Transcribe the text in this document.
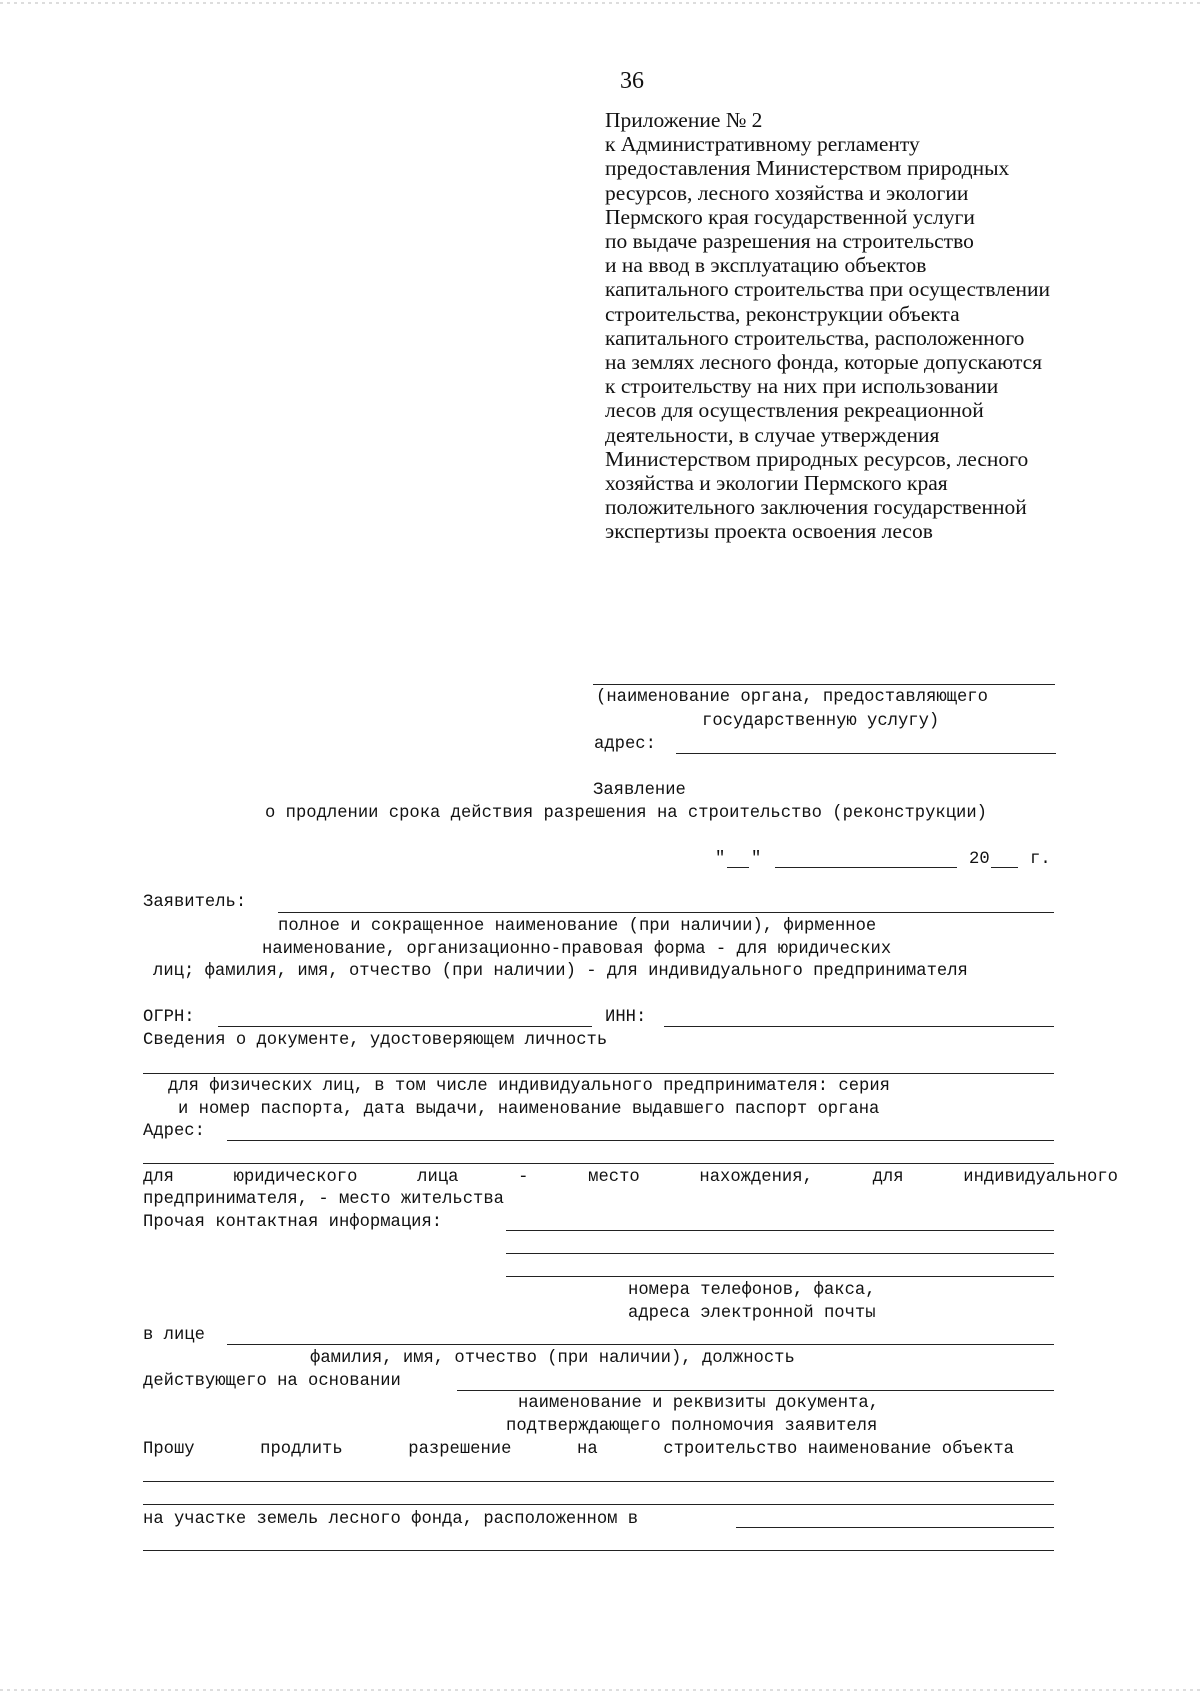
36
Приложение № 2
к Административному регламенту
предоставления Министерством природных
ресурсов, лесного хозяйства и экологии
Пермского края государственной услуги
по выдаче разрешения на строительство
и на ввод в эксплуатацию объектов
капитального строительства при осуществлении
строительства, реконструкции объекта
капитального строительства, расположенного
на землях лесного фонда, которые допускаются
к строительству на них при использовании
лесов для осуществления рекреационной
деятельности, в случае утверждения
Министерством природных ресурсов, лесного
хозяйства и экологии Пермского края
положительного заключения государственной
экспертизы проекта освоения лесов
(наименование органа, предоставляющего
государственную услугу)
адрес:
Заявление
о продлении срока действия разрешения на строительство (реконструкции)
" "	20 г.
Заявитель:
полное и сокращенное наименование (при наличии), фирменное
наименование, организационно-правовая форма - для юридических
лиц; фамилия, имя, отчество (при наличии) - для индивидуального предпринимателя
ОГРН:	ИНН:
Сведения о документе, удостоверяющем личность
для физических лиц, в том числе индивидуального предпринимателя: серия
и номер паспорта, дата выдачи, наименование выдавшего паспорт органа
Адрес:
для	юридического	лица	-	место	нахождения,	для	индивидуального
предпринимателя, - место жительства
Прочая контактная информация:
номера телефонов, факса,
адреса электронной почты
в лице
фамилия, имя, отчество (при наличии), должность
действующего на основании
наименование и реквизиты документа,
подтверждающего полномочия заявителя
Прошу	продлить	разрешение	на	строительство наименование объекта
на участке земель лесного фонда, расположенном в
